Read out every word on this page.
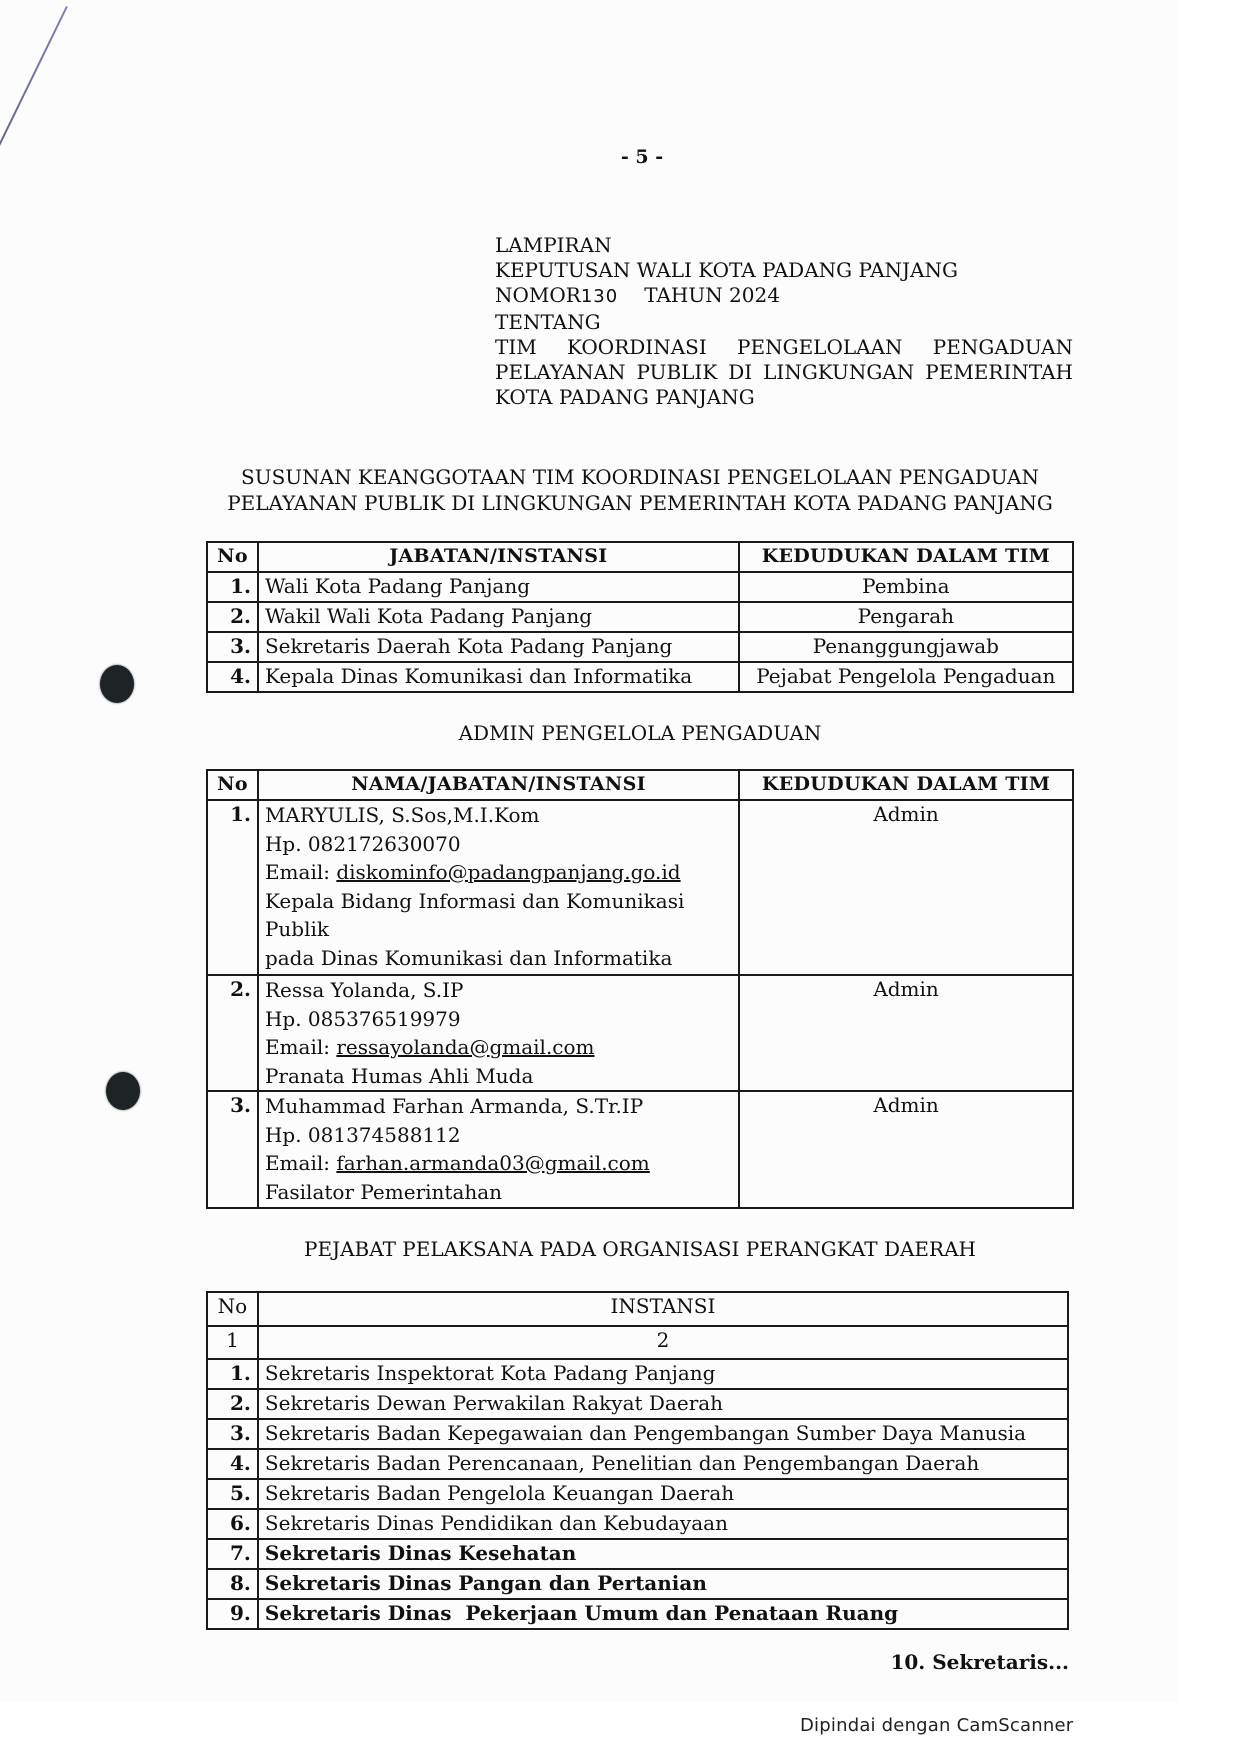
- 5 -
LAMPIRAN
KEPUTUSAN WALI KOTA PADANG PANJANG
NOMOR130 TAHUN 2024
TENTANG
TIM KOORDINASI PENGELOLAAN PENGADUAN
PELAYANAN PUBLIK DI LINGKUNGAN PEMERINTAH
KOTA PADANG PANJANG
SUSUNAN KEANGGOTAAN TIM KOORDINASI PENGELOLAAN PENGADUAN
PELAYANAN PUBLIK DI LINGKUNGAN PEMERINTAH KOTA PADANG PANJANG
No	JABATAN/INSTANSI	KEDUDUKAN DALAM TIM
1.	Wali Kota Padang Panjang	Pembina
2.	Wakil Wali Kota Padang Panjang	Pengarah
3.	Sekretaris Daerah Kota Padang Panjang	Penanggungjawab
4.	Kepala Dinas Komunikasi dan Informatika	Pejabat Pengelola Pengaduan
ADMIN PENGELOLA PENGADUAN
No	NAMA/JABATAN/INSTANSI	KEDUDUKAN DALAM TIM
1.	MARYULIS, S.Sos,M.I.Kom
Hp. 082172630070
Email: diskominfo@padangpanjang.go.id
Kepala Bidang Informasi dan Komunikasi
Publik
pada Dinas Komunikasi dan Informatika
	Admin
2.	Ressa Yolanda, S.IP
Hp. 085376519979
Email: ressayolanda@gmail.com
Pranata Humas Ahli Muda	Admin
3.	Muhammad Farhan Armanda, S.Tr.IP
Hp. 081374588112
Email: farhan.armanda03@gmail.com
Fasilator Pemerintahan	Admin
PEJABAT PELAKSANA PADA ORGANISASI PERANGKAT DAERAH
No	INSTANSI
1	2
1.	Sekretaris Inspektorat Kota Padang Panjang
2.	Sekretaris Dewan Perwakilan Rakyat Daerah
3.	Sekretaris Badan Kepegawaian dan Pengembangan Sumber Daya Manusia
4.	Sekretaris Badan Perencanaan, Penelitian dan Pengembangan Daerah
5.	Sekretaris Badan Pengelola Keuangan Daerah
6.	Sekretaris Dinas Pendidikan dan Kebudayaan
7.	Sekretaris Dinas Kesehatan
8.	Sekretaris Dinas Pangan dan Pertanian
9.	Sekretaris Dinas  Pekerjaan Umum dan Penataan Ruang
10. Sekretaris...
Dipindai dengan CamScanner
